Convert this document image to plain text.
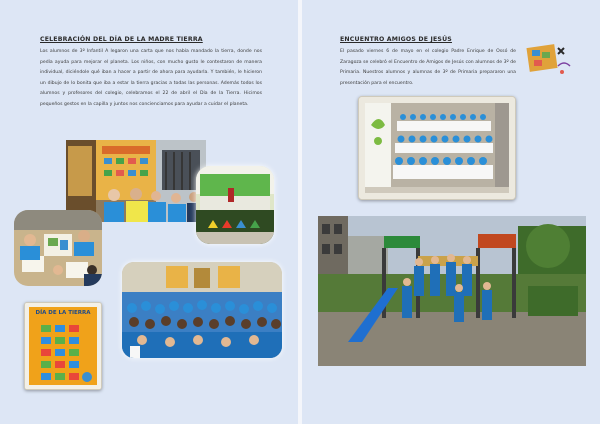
CELEBRACIÓN DEL DÍA DE LA MADRE TIERRA
Los alumnos de 3º Infantil A legaron una carta que nos había mandado la tierra, donde nos pedía ayuda para mejorar el planeta. Los niños, con mucho gusto le contestaron de manera individual, diciéndole qué iban a hacer a partir de ahora para ayudarla. Y también, le hicieron un dibujo de lo bonita que iba a estar la tierra gracias a todas las personas. Además todos los alumnos y profesores del colegio, celebramos el 22 de abril el Día de la Tierra. Hicimos pequeños gestos en la capilla y juntos nos concienciamos para ayudar a cuidar el planeta.
DÍA DE LA TIERRA
ENCUENTRO AMIGOS DE JESÚS
El pasado viernes 6 de mayo en el colegio Padre Enrique de Ossó de Zaragoza se celebró el Encuentro de Amigos de Jesús con alumnos de 3º de Primaria. Nuestros alumnos y alumnas de 3º de Primaria prepararon una presentación para el encuentro.
